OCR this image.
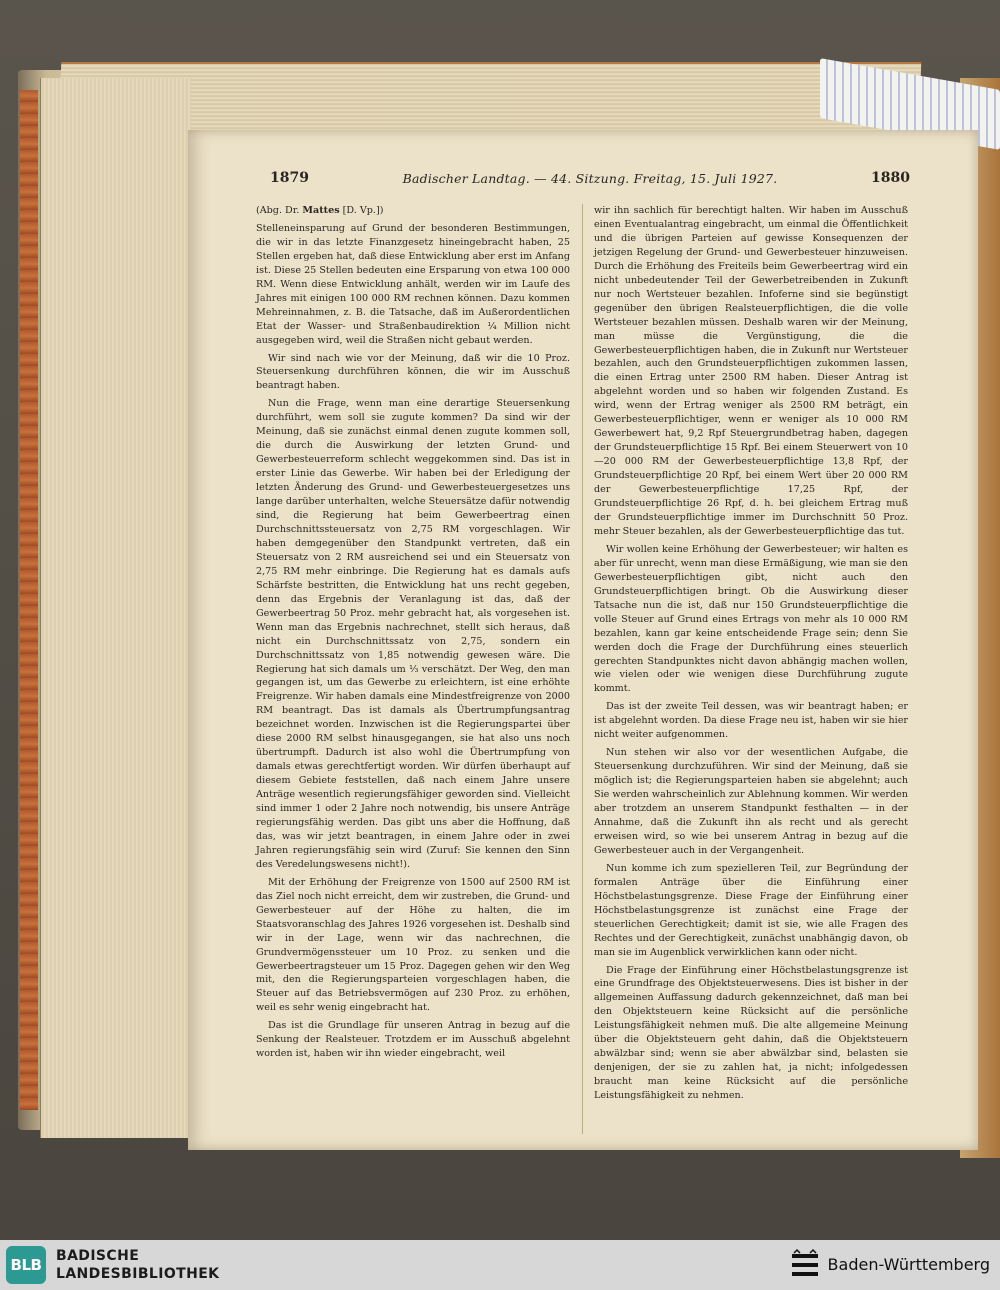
1879	Badischer Landtag. — 44. Sitzung. Freitag, 15. Juli 1927.	1880

(Abg. Dr. Mattes [D. Vp.])

Stelleneinsparung auf Grund der besonderen Bestimmungen, die wir in das letzte Finanzgesetz hineingebracht haben, 25 Stellen ergeben hat, daß diese Entwicklung aber erst im Anfang ist. Diese 25 Stellen bedeuten eine Ersparung von etwa 100 000 RM. Wenn diese Entwicklung anhält, werden wir im Laufe des Jahres mit einigen 100 000 RM rechnen können. Dazu kommen Mehreinnahmen, z. B. die Tatsache, daß im Außerordentlichen Etat der Wasser- und Straßenbaudirektion ¼ Million nicht ausgegeben wird, weil die Straßen nicht gebaut werden.

Wir sind nach wie vor der Meinung, daß wir die 10 Proz. Steuersenkung durchführen können, die wir im Ausschuß beantragt haben.

Nun die Frage, wenn man eine derartige Steuersenkung durchführt, wem soll sie zugute kommen? Da sind wir der Meinung, daß sie zunächst einmal denen zugute kommen soll, die durch die Auswirkung der letzten Grund- und Gewerbesteuerreform schlecht weggekommen sind. Das ist in erster Linie das Gewerbe. Wir haben bei der Erledigung der letzten Änderung des Grund- und Gewerbesteuergesetzes uns lange darüber unterhalten, welche Steuersätze dafür notwendig sind, die Regierung hat beim Gewerbeertrag einen Durchschnittssteuersatz von 2,75 RM vorgeschlagen. Wir haben demgegenüber den Standpunkt vertreten, daß ein Steuersatz von 2 RM ausreichend sei und ein Steuersatz von 2,75 RM mehr einbringe. Die Regierung hat es damals aufs Schärfste bestritten, die Entwicklung hat uns recht gegeben, denn das Ergebnis der Veranlagung ist das, daß der Gewerbeertrag 50 Proz. mehr gebracht hat, als vorgesehen ist. Wenn man das Ergebnis nachrechnet, stellt sich heraus, daß nicht ein Durchschnittssatz von 2,75, sondern ein Durchschnittssatz von 1,85 notwendig gewesen wäre. Die Regierung hat sich damals um ⅓ verschätzt. Der Weg, den man gegangen ist, um das Gewerbe zu erleichtern, ist eine erhöhte Freigrenze. Wir haben damals eine Mindestfreigrenze von 2000 RM beantragt. Das ist damals als Übertrumpfungsantrag bezeichnet worden. Inzwischen ist die Regierungspartei über diese 2000 RM selbst hinausgegangen, sie hat also uns noch übertrumpft. Dadurch ist also wohl die Übertrumpfung von damals etwas gerechtfertigt worden. Wir dürfen überhaupt auf diesem Gebiete feststellen, daß nach einem Jahre unsere Anträge wesentlich regierungsfähiger geworden sind. Vielleicht sind immer 1 oder 2 Jahre noch notwendig, bis unsere Anträge regierungsfähig werden. Das gibt uns aber die Hoffnung, daß das, was wir jetzt beantragen, in einem Jahre oder in zwei Jahren regierungsfähig sein wird (Zuruf: Sie kennen den Sinn des Veredelungswesens nicht!).

Mit der Erhöhung der Freigrenze von 1500 auf 2500 RM ist das Ziel noch nicht erreicht, dem wir zustreben, die Grund- und Gewerbesteuer auf der Höhe zu halten, die im Staatsvoranschlag des Jahres 1926 vorgesehen ist. Deshalb sind wir in der Lage, wenn wir das nachrechnen, die Grundvermögenssteuer um 10 Proz. zu senken und die Gewerbeertragsteuer um 15 Proz. Dagegen gehen wir den Weg mit, den die Regierungsparteien vorgeschlagen haben, die Steuer auf das Betriebsvermögen auf 230 Proz. zu erhöhen, weil es sehr wenig eingebracht hat.

Das ist die Grundlage für unseren Antrag in bezug auf die Senkung der Realsteuer. Trotzdem er im Ausschuß abgelehnt worden ist, haben wir ihn wieder eingebracht, weil

wir ihn sachlich für berechtigt halten. Wir haben im Ausschuß einen Eventualantrag eingebracht, um einmal die Öffentlichkeit und die übrigen Parteien auf gewisse Konsequenzen der jetzigen Regelung der Grund- und Gewerbesteuer hinzuweisen. Durch die Erhöhung des Freiteils beim Gewerbeertrag wird ein nicht unbedeutender Teil der Gewerbetreibenden in Zukunft nur noch Wertsteuer bezahlen. Infoferne sind sie begünstigt gegenüber den übrigen Realsteuerpflichtigen, die die volle Wertsteuer bezahlen müssen. Deshalb waren wir der Meinung, man müsse die Vergünstigung, die die Gewerbesteuerpflichtigen haben, die in Zukunft nur Wertsteuer bezahlen, auch den Grundsteuerpflichtigen zukommen lassen, die einen Ertrag unter 2500 RM haben. Dieser Antrag ist abgelehnt worden und so haben wir folgenden Zustand. Es wird, wenn der Ertrag weniger als 2500 RM beträgt, ein Gewerbesteuerpflichtiger, wenn er weniger als 10 000 RM Gewerbewert hat, 9,2 Rpf Steuergrundbetrag haben, dagegen der Grundsteuerpflichtige 15 Rpf. Bei einem Steuerwert von 10—20 000 RM der Gewerbesteuerpflichtige 13,8 Rpf, der Grundsteuerpflichtige 20 Rpf, bei einem Wert über 20 000 RM der Gewerbesteuerpflichtige 17,25 Rpf, der Grundsteuerpflichtige 26 Rpf, d. h. bei gleichem Ertrag muß der Grundsteuerpflichtige immer im Durchschnitt 50 Proz. mehr Steuer bezahlen, als der Gewerbesteuerpflichtige das tut.

Wir wollen keine Erhöhung der Gewerbesteuer; wir halten es aber für unrecht, wenn man diese Ermäßigung, wie man sie den Gewerbesteuerpflichtigen gibt, nicht auch den Grundsteuerpflichtigen bringt. Ob die Auswirkung dieser Tatsache nun die ist, daß nur 150 Grundsteuerpflichtige die volle Steuer auf Grund eines Ertrags von mehr als 10 000 RM bezahlen, kann gar keine entscheidende Frage sein; denn Sie werden doch die Frage der Durchführung eines steuerlich gerechten Standpunktes nicht davon abhängig machen wollen, wie vielen oder wie wenigen diese Durchführung zugute kommt.

Das ist der zweite Teil dessen, was wir beantragt haben; er ist abgelehnt worden. Da diese Frage neu ist, haben wir sie hier nicht weiter aufgenommen.

Nun stehen wir also vor der wesentlichen Aufgabe, die Steuersenkung durchzuführen. Wir sind der Meinung, daß sie möglich ist; die Regierungsparteien haben sie abgelehnt; auch Sie werden wahrscheinlich zur Ablehnung kommen. Wir werden aber trotzdem an unserem Standpunkt festhalten — in der Annahme, daß die Zukunft ihn als recht und als gerecht erweisen wird, so wie bei unserem Antrag in bezug auf die Gewerbesteuer auch in der Vergangenheit.

Nun komme ich zum spezielleren Teil, zur Begründung der formalen Anträge über die Einführung einer Höchstbelastungsgrenze. Diese Frage der Einführung einer Höchstbelastungsgrenze ist zunächst eine Frage der steuerlichen Gerechtigkeit; damit ist sie, wie alle Fragen des Rechtes und der Gerechtigkeit, zunächst unabhängig davon, ob man sie im Augenblick verwirklichen kann oder nicht.

Die Frage der Einführung einer Höchstbelastungsgrenze ist eine Grundfrage des Objektsteuerwesens. Dies ist bisher in der allgemeinen Auffassung dadurch gekennzeichnet, daß man bei den Objektsteuern keine Rücksicht auf die persönliche Leistungsfähigkeit nehmen muß. Die alte allgemeine Meinung über die Objektsteuern geht dahin, daß die Objektsteuern abwälzbar sind; wenn sie aber abwälzbar sind, belasten sie denjenigen, der sie zu zahlen hat, ja nicht; infolgedessen braucht man keine Rücksicht auf die persönliche Leistungsfähigkeit zu nehmen.

BLB	BADISCHE
LANDESBIBLIOTHEK	Baden-Württemberg
